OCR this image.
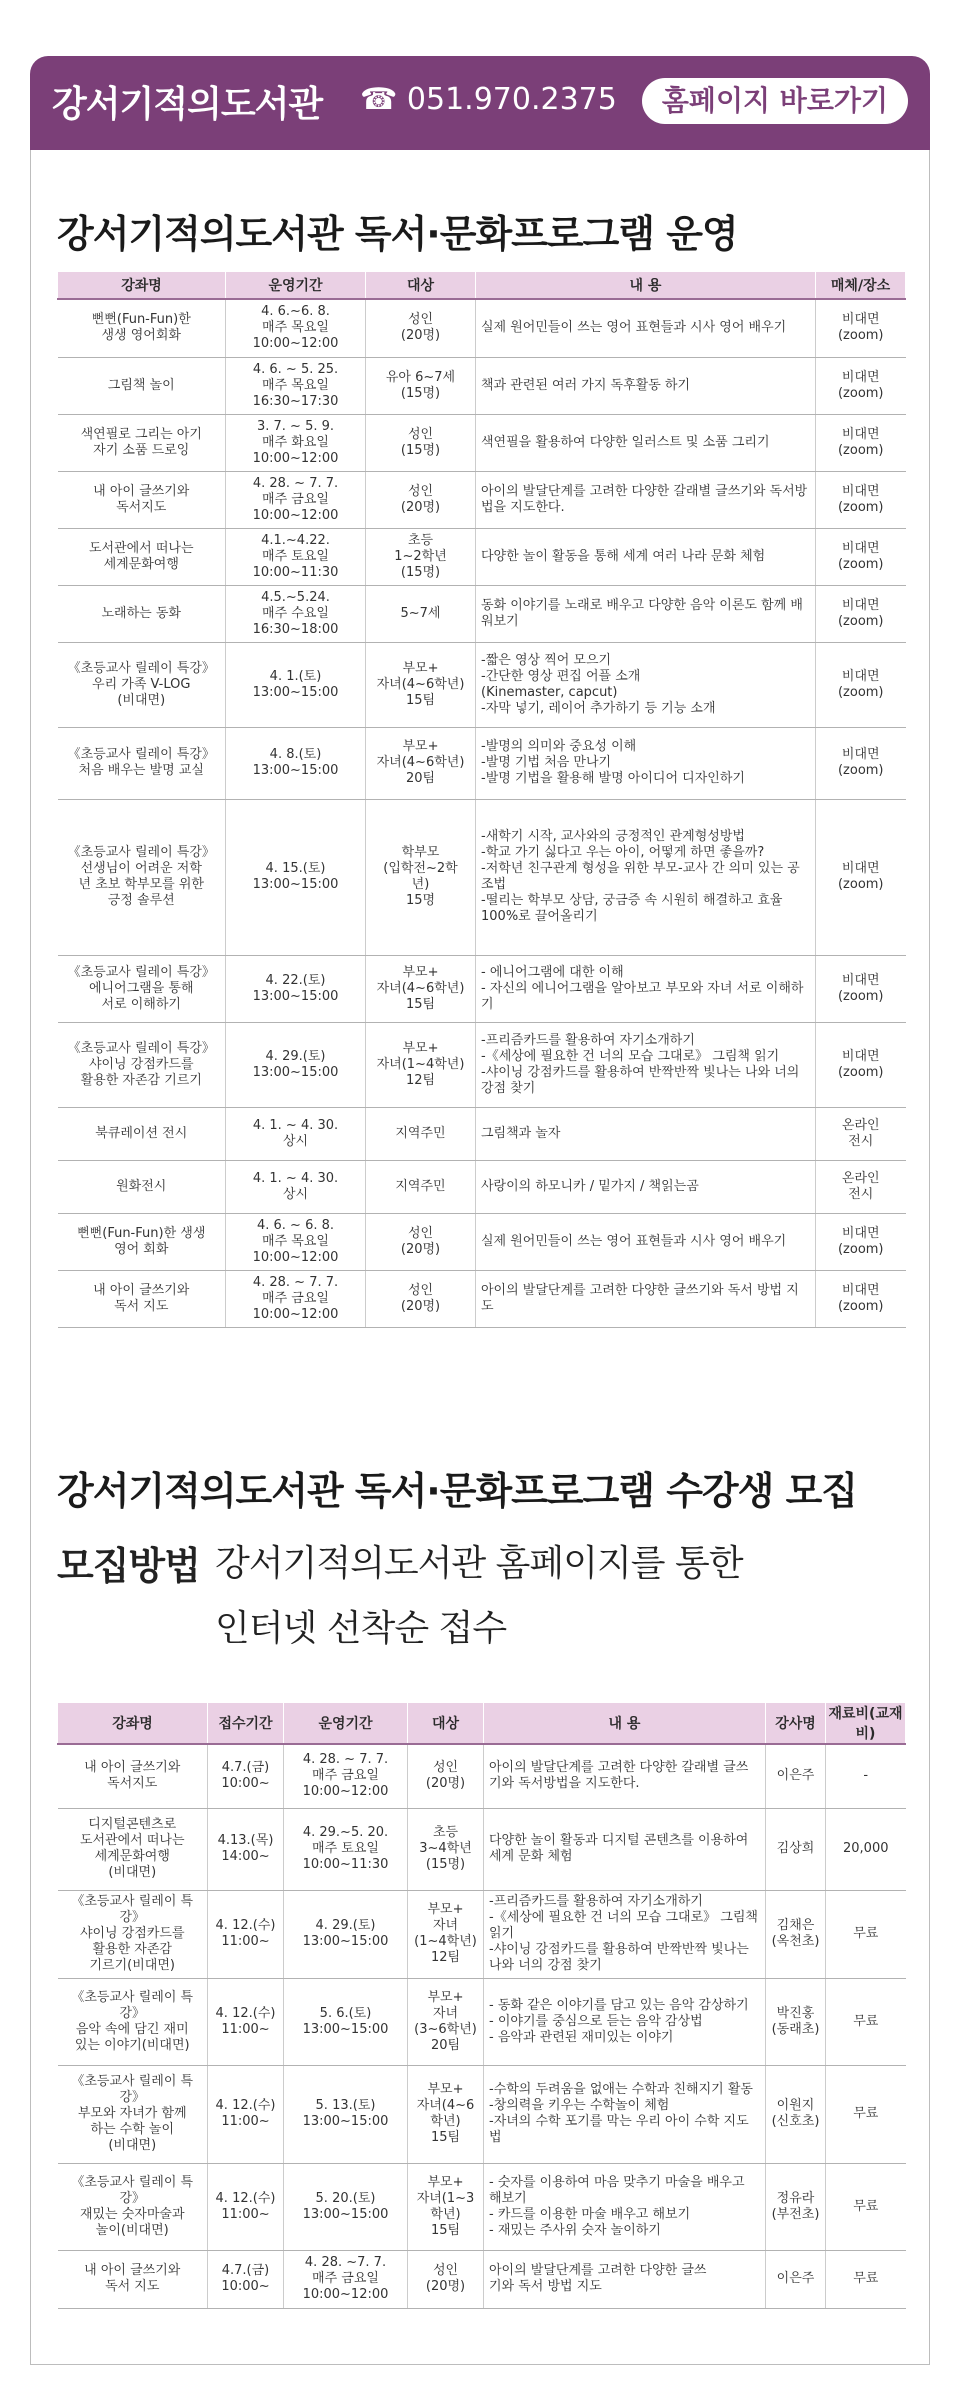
강서기적의도서관 ☎ 051.970.2375	홈페이지 바로가기
강서기적의도서관 독서·문화프로그램 운영
강좌명	운영기간	대상	내 용	매체/장소
뻔뻔(Fun-Fun)한
생생 영어회화	4. 6.~6. 8.
매주 목요일
10:00~12:00	성인
(20명)	실제 원어민들이 쓰는 영어 표현들과 시사 영어 배우기	비대면
(zoom)
그림책 놀이	4. 6. ~ 5. 25.
매주 목요일
16:30~17:30	유아 6~7세
(15명)	책과 관련된 여러 가지 독후활동 하기	비대면
(zoom)
색연필로 그리는 아기
자기 소품 드로잉	3. 7. ~ 5. 9.
매주 화요일
10:00~12:00	성인
(15명)	색연필을 활용하여 다양한 일러스트 및 소품 그리기	비대면
(zoom)
내 아이 글쓰기와
독서지도	4. 28. ~ 7. 7.
매주 금요일
10:00~12:00	성인
(20명)	아이의 발달단계를 고려한 다양한 갈래별 글쓰기와 독서방법을 지도한다.	비대면
(zoom)
도서관에서 떠나는
세계문화여행	4.1.~4.22.
매주 토요일
10:00~11:30	초등
1~2학년
(15명)	다양한 놀이 활동을 통해 세계 여러 나라 문화 체험	비대면
(zoom)
노래하는 동화	4.5.~5.24.
매주 수요일
16:30~18:00	5~7세	동화 이야기를 노래로 배우고 다양한 음악 이론도 함께 배워보기	비대면
(zoom)
《초등교사 릴레이 특강》
우리 가족 V-LOG
(비대면)	4. 1.(토)
13:00~15:00	부모+
자녀(4~6학년)
15팀	-짧은 영상 찍어 모으기
-간단한 영상 편집 어플 소개
(Kinemaster, capcut)
-자막 넣기, 레이어 추가하기 등 기능 소개	비대면
(zoom)
《초등교사 릴레이 특강》
처음 배우는 발명 교실	4. 8.(토)
13:00~15:00	부모+
자녀(4~6학년)
20팀	-발명의 의미와 중요성 이해
-발명 기법 처음 만나기
-발명 기법을 활용해 발명 아이디어 디자인하기	비대면
(zoom)
《초등교사 릴레이 특강》
선생님이 어려운 저학
년 초보 학부모를 위한
긍정 솔루션	4. 15.(토)
13:00~15:00	학부모
(입학전~2학
년)
15명	-새학기 시작, 교사와의 긍정적인 관계형성방법
-학교 가기 싫다고 우는 아이, 어떻게 하면 좋을까?
-저학년 친구관계 형성을 위한 부모-교사 간 의미 있는 공조법
-떨리는 학부모 상담, 궁금증 속 시원히 해결하고 효율 100%로 끌어올리기	비대면
(zoom)
《초등교사 릴레이 특강》
에니어그램을 통해
서로 이해하기	4. 22.(토)
13:00~15:00	부모+
자녀(4~6학년)
15팀	- 에니어그램에 대한 이해
- 자신의 에니어그램을 알아보고 부모와 자녀 서로 이해하기	비대면
(zoom)
《초등교사 릴레이 특강》
샤이닝 강점카드를
활용한 자존감 기르기	4. 29.(토)
13:00~15:00	부모+
자녀(1~4학년)
12팀	-프리즘카드를 활용하여 자기소개하기
-《세상에 필요한 건 너의 모습 그대로》 그림책 읽기
-샤이닝 강점카드를 활용하여 반짝반짝 빛나는 나와 너의 강점 찾기	비대면
(zoom)
북큐레이션 전시	4. 1. ~ 4. 30.
상시	지역주민	그림책과 놀자	온라인
전시
원화전시	4. 1. ~ 4. 30.
상시	지역주민	사랑이의 하모니카 / 밑가지 / 책읽는곰	온라인
전시
뻔뻔(Fun-Fun)한 생생
영어 회화	4. 6. ~ 6. 8.
매주 목요일
10:00~12:00	성인
(20명)	실제 원어민들이 쓰는 영어 표현들과 시사 영어 배우기	비대면
(zoom)
내 아이 글쓰기와
독서 지도	4. 28. ~ 7. 7.
매주 금요일
10:00~12:00	성인
(20명)	아이의 발달단계를 고려한 다양한 글쓰기와 독서 방법 지도	비대면
(zoom)
강서기적의도서관 독서·문화프로그램 수강생 모집
모집방법 강서기적의도서관 홈페이지를 통한
인터넷 선착순 접수
강좌명	접수기간	운영기간	대상	내 용	강사명	재료비(교재비)
내 아이 글쓰기와
독서지도	4.7.(금)
10:00~	4. 28. ~ 7. 7.
매주 금요일
10:00~12:00	성인
(20명)	아이의 발달단계를 고려한 다양한 갈래별 글쓰기와 독서방법을 지도한다.	이은주	-
디지털콘텐츠로
도서관에서 떠나는
세계문화여행
(비대면)	4.13.(목)
14:00~	4. 29.~5. 20.
매주 토요일
10:00~11:30	초등
3~4학년
(15명)	다양한 놀이 활동과 디지털 콘텐츠를 이용하여 세계 문화 체험	김상희	20,000
《초등교사 릴레이 특강》
샤이닝 강점카드를
활용한 자존감
기르기(비대면)	4. 12.(수)
11:00~	4. 29.(토)
13:00~15:00	부모+
자녀
(1~4학년)
12팀	-프리즘카드를 활용하여 자기소개하기
-《세상에 필요한 건 너의 모습 그대로》 그림책 읽기
-샤이닝 강점카드를 활용하여 반짝반짝 빛나는 나와 너의 강점 찾기	김채은
(옥천초)	무료
《초등교사 릴레이 특강》
음악 속에 담긴 재미
있는 이야기(비대면)	4. 12.(수)
11:00~	5. 6.(토)
13:00~15:00	부모+
자녀
(3~6학년)
20팀	- 동화 같은 이야기를 담고 있는 음악 감상하기
- 이야기를 중심으로 듣는 음악 감상법
- 음악과 관련된 재미있는 이야기	박진홍
(동래초)	무료
《초등교사 릴레이 특강》
부모와 자녀가 함께
하는 수학 놀이
(비대면)	4. 12.(수)
11:00~	5. 13.(토)
13:00~15:00	부모+
자녀(4~6
학년)
15팀	-수학의 두려움을 없애는 수학과 친해지기 활동
-창의력을 키우는 수학놀이 체험
-자녀의 수학 포기를 막는 우리 아이 수학 지도법	이원지
(신호초)	무료
《초등교사 릴레이 특강》
재밌는 숫자마술과
놀이(비대면)	4. 12.(수)
11:00~	5. 20.(토)
13:00~15:00	부모+
자녀(1~3
학년)
15팀	- 숫자를 이용하여 마음 맞추기 마술을 배우고 해보기
- 카드를 이용한 마술 배우고 해보기
- 재밌는 주사위 숫자 놀이하기	정유라
(부전초)	무료
내 아이 글쓰기와
독서 지도	4.7.(금)
10:00~	4. 28. ~7. 7.
매주 금요일
10:00~12:00	성인
(20명)	아이의 발달단계를 고려한 다양한 글쓰
기와 독서 방법 지도	이은주	무료
